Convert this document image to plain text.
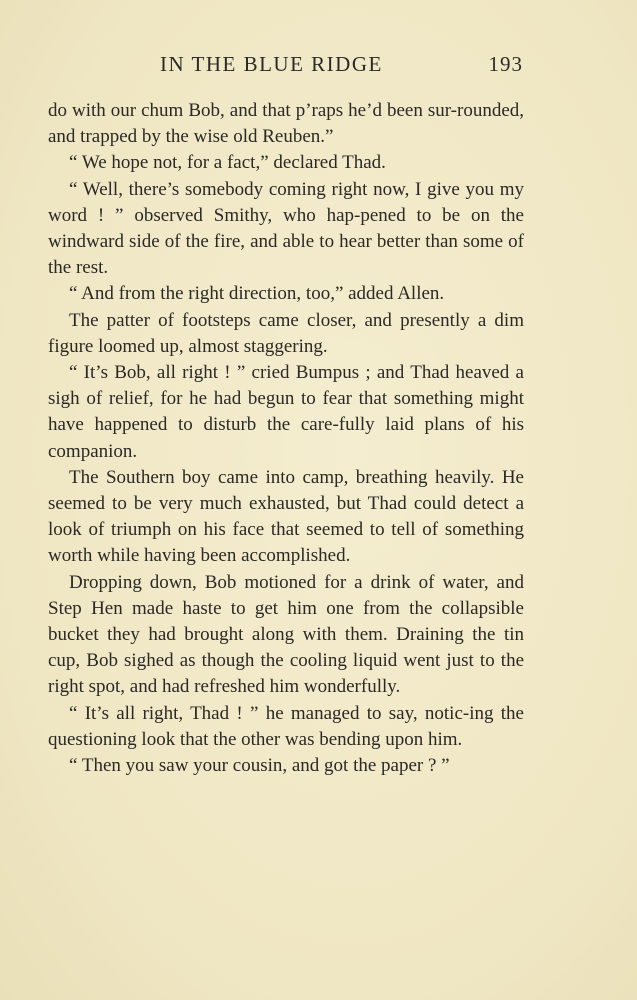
IN THE BLUE RIDGE	193

do with our chum Bob, and that p’raps he’d been sur-rounded, and trapped by the wise old Reuben.”

“ We hope not, for a fact,” declared Thad.

“ Well, there’s somebody coming right now, I give you my word ! ” observed Smithy, who hap-pened to be on the windward side of the fire, and able to hear better than some of the rest.

“ And from the right direction, too,” added Allen.

The patter of footsteps came closer, and presently a dim figure loomed up, almost staggering.

“ It’s Bob, all right ! ” cried Bumpus ; and Thad heaved a sigh of relief, for he had begun to fear that something might have happened to disturb the care-fully laid plans of his companion.

The Southern boy came into camp, breathing heavily. He seemed to be very much exhausted, but Thad could detect a look of triumph on his face that seemed to tell of something worth while having been accomplished.

Dropping down, Bob motioned for a drink of water, and Step Hen made haste to get him one from the collapsible bucket they had brought along with them. Draining the tin cup, Bob sighed as though the cooling liquid went just to the right spot, and had refreshed him wonderfully.

“ It’s all right, Thad ! ” he managed to say, notic-ing the questioning look that the other was bending upon him.

“ Then you saw your cousin, and got the paper ? ”
